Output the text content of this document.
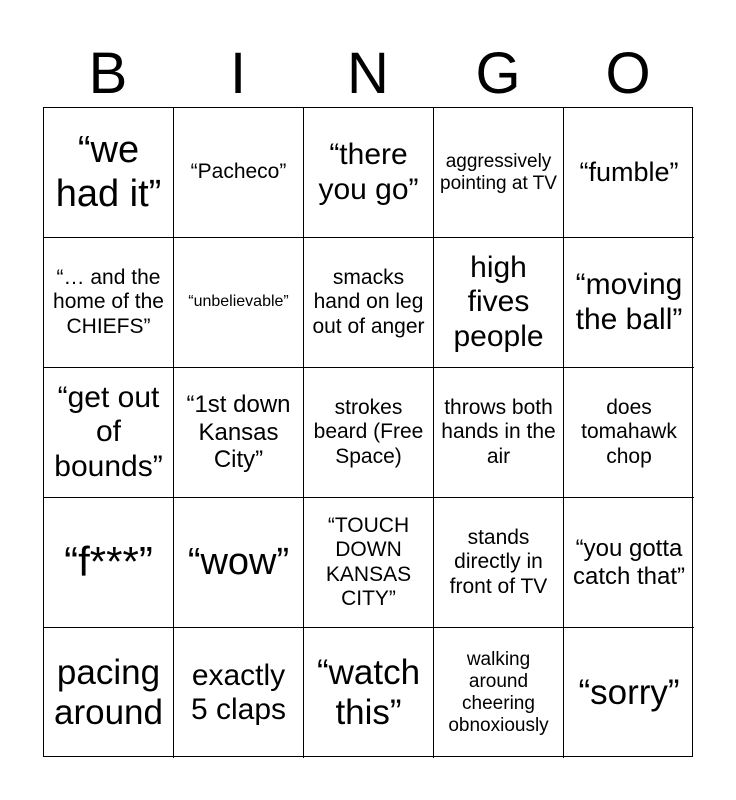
B	I	N	G	O
“we had it”
“Pacheco”
“there you go”
aggressively pointing at TV “fumble”
“… and the home of the CHIEFS”
“unbelievable”
smacks hand on leg out of anger
high fives people
“moving the ball”
“get out of bounds”
“1st down Kansas City”
strokes beard (Free Space)
throws both hands in the air
does tomahawk chop
“f***” “wow”
“TOUCH DOWN KANSAS CITY”
stands directly in front of TV
“you gotta catch that”
pacing around
exactly 5 claps
“watch this”
walking around cheering obnoxiously
“sorry”
